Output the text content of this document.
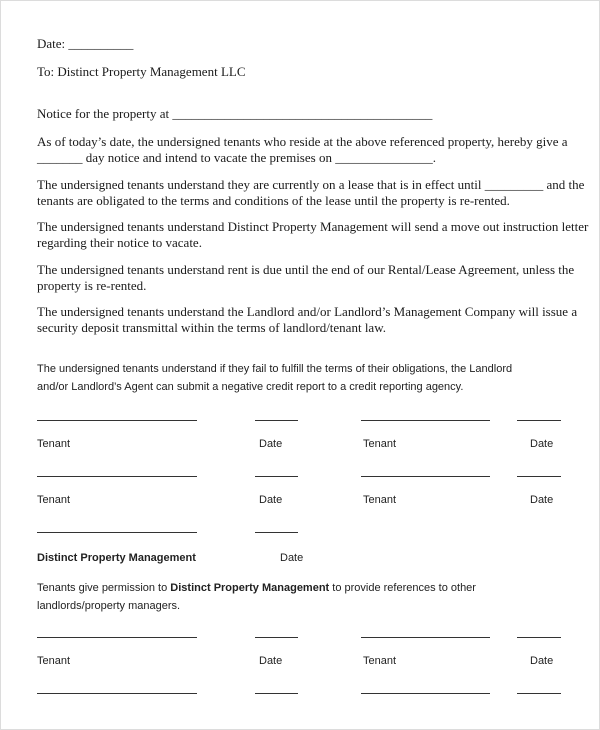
Date: __________
To: Distinct Property Management LLC
Notice for the property at ________________________________________
As of today’s date, the undersigned tenants who reside at the above referenced property, hereby give a
_______ day notice and intend to vacate the premises on _______________.
The undersigned tenants understand they are currently on a lease that is in effect until _________ and the
tenants are obligated to the terms and conditions of the lease until the property is re-rented.
The undersigned tenants understand Distinct Property Management will send a move out instruction letter
regarding their notice to vacate.
The undersigned tenants understand rent is due until the end of our Rental/Lease Agreement, unless the
property is re-rented.
The undersigned tenants understand the Landlord and/or Landlord’s Management Company will issue a
security deposit transmittal within the terms of landlord/tenant law.
The undersigned tenants understand if they fail to fulfill the terms of their obligations, the Landlord
and/or Landlord’s Agent can submit a negative credit report to a credit reporting agency.
Tenant	Date	Tenant	Date
Tenant	Date	Tenant	Date
Distinct Property Management	Date
Tenants give permission to Distinct Property Management to provide references to other
landlords/property managers.
Tenant	Date	Tenant	Date
